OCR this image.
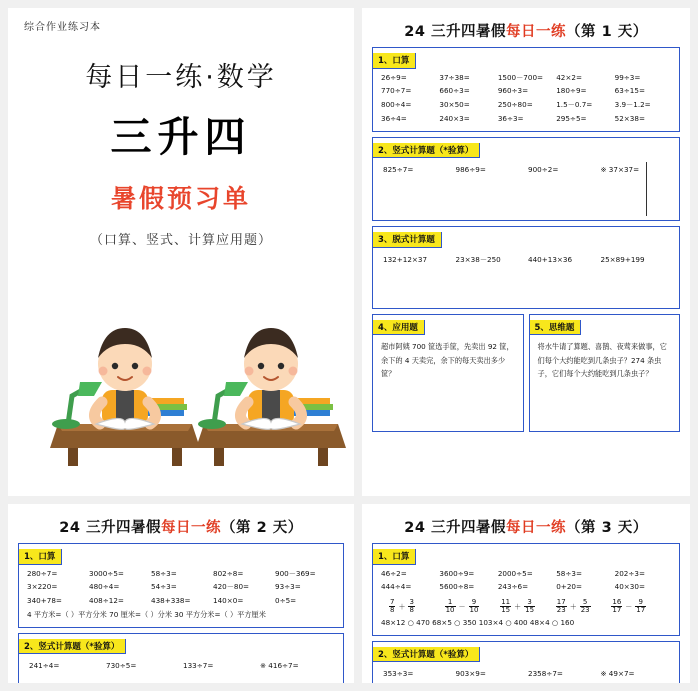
综合作业练习本
每日一练·数学
三升四
暑假预习单
（口算、竖式、计算应用题）
24 三升四暑假每日一练（第 1 天）
1、口算
26÷9=	37÷38=	1500－700=	42×2=	99÷3=
770÷7=	660÷3=	960÷3=	180÷9=	63÷15=
800÷4=	30×50=	250÷80=	1.5－0.7=	3.9－1.2=
36÷4=	240×3=	36÷3=	295÷5=	52×38=
2、竖式计算题（*验算）
825÷7=	986÷9=	900÷2=	※ 37×37=
3、脱式计算题
132+12×37	23×38－250	440+13×36	25×89+199
4、应用题
超市阿姨 700 筐选手筐，先卖出 92 筐，余下的 4 天卖完，余下的每天卖出多少筐？
5、思维题
将水牛请了算题、喜鹊、夜莺来做事，它们每个大约能吃到几条虫子？274 条虫子，它们每个大约能吃到几条虫子？
24 三升四暑假每日一练（第 2 天）
1、口算
280÷7=	3000÷5=	58÷3=	802÷8=	900－369=
3×220=	480÷4=	54÷3=	420－80=	93÷3=
340+78=	408÷12=	438+338=	140×0=	0÷5=
4 平方米=（ ）平方分米 70 厘米=（ ）分米 30 平方分米=（ ）平方厘米
2、竖式计算题（*验算）
241÷4=	730÷5=	133÷7=	※ 416÷7=
24 三升四暑假每日一练（第 3 天）
1、口算
46÷2=	3600÷9=	2000÷5=	58÷3=	202÷3=
444÷4=	5600÷8=	243÷6=	0+20=	40×30=
$\frac{7}{8} + \frac{3}{8}$	$\frac{1}{10} - \frac{9}{10}$	$\frac{11}{15} + \frac{3}{15}$	$\frac{17}{23} + \frac{5}{23}$	$\frac{16}{17} - \frac{9}{17}$
48×12 ○ 470 68×5 ○ 350 103×4 ○ 400 48×4 ○ 160
2、竖式计算题（*验算）
353÷3=	903×9=	2358÷7=	※ 49×7=
